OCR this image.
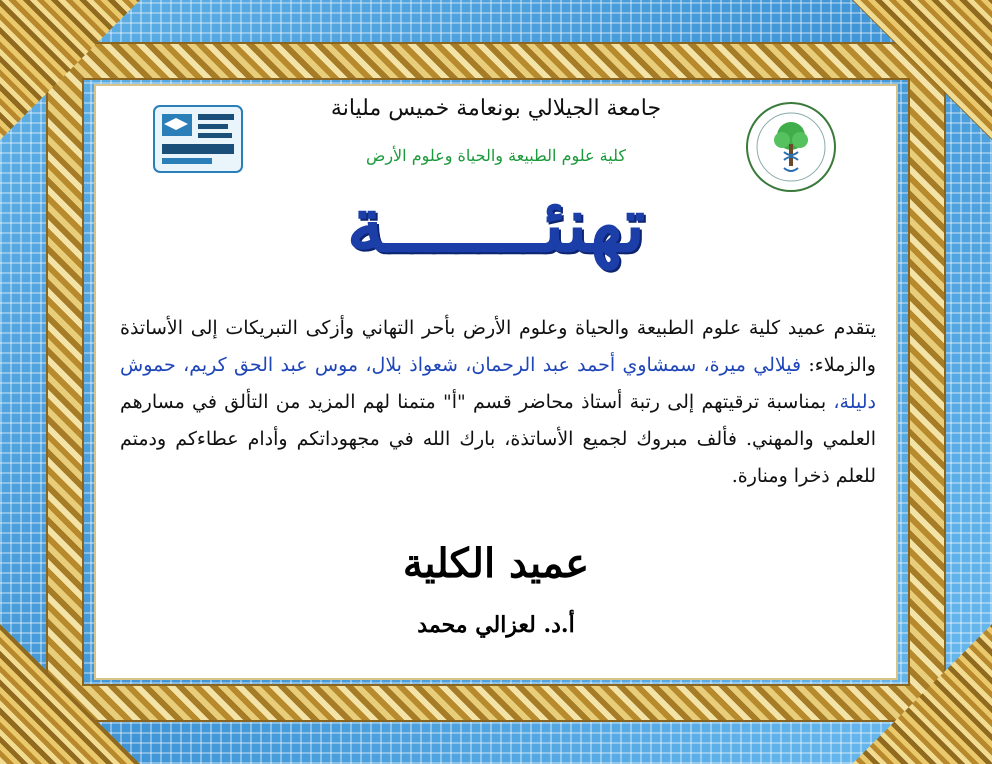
جامعة الجيلالي بونعامة خميس مليانة
كلية علوم الطبيعة والحياة وعلوم الأرض
تهنئـــــــة
يتقدم عميد كلية علوم الطبيعة والحياة وعلوم الأرض بأحر التهاني وأزكى التبريكات إلى الأساتذة والزملاء: فيلالي ميرة، سمشاوي أحمد عبد الرحمان، شعواذ بلال، موس عبد الحق كريم، حموش دليلة، بمناسبة ترقيتهم إلى رتبة أستاذ محاضر قسم "أ" متمنا لهم المزيد من التألق في مسارهم العلمي والمهني. فألف مبروك لجميع الأساتذة، بارك الله في مجهوداتكم وأدام عطاءكم ودمتم للعلم ذخرا ومنارة.
عميد الكلية
أ.د. لعزالي محمد
